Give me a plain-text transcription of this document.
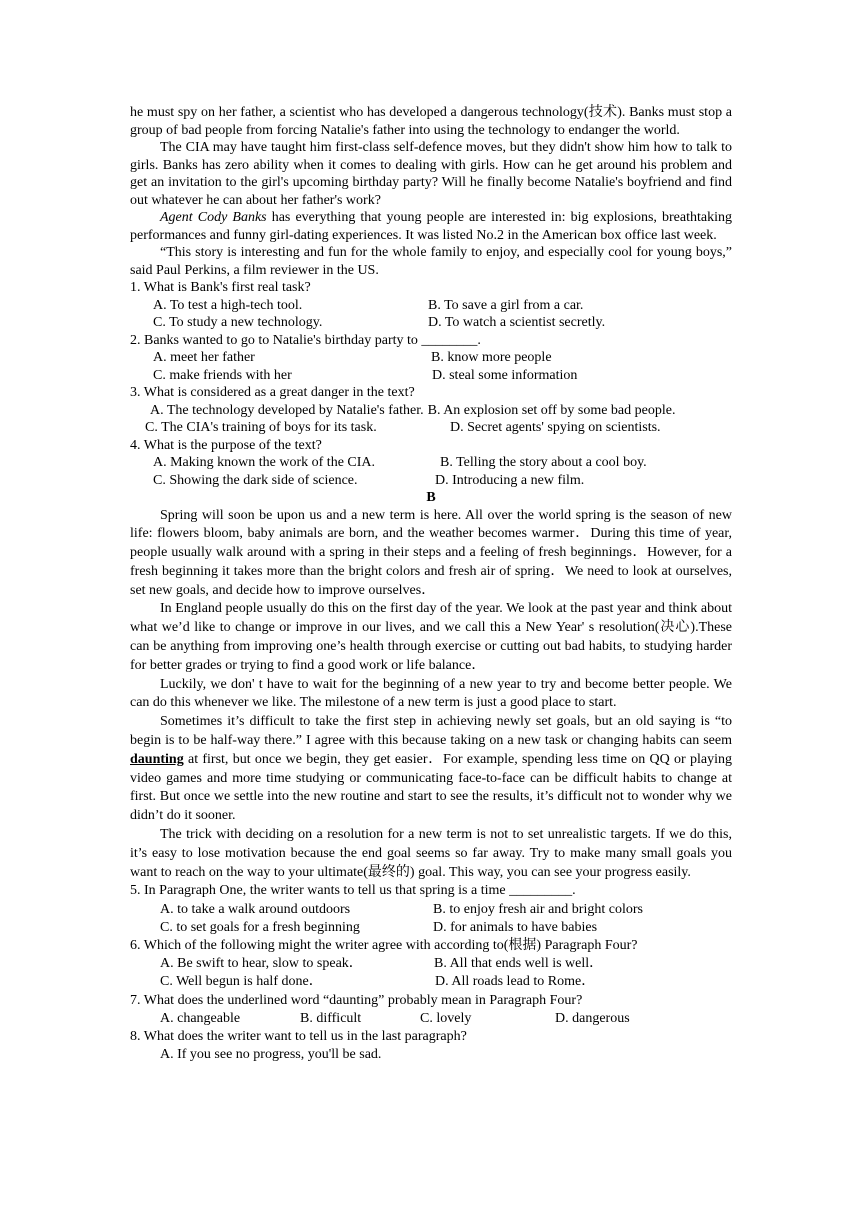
he must spy on her father, a scientist who has developed a dangerous technology(技术). Banks must stop a group of bad people from forcing Natalie's father into using the technology to endanger the world.

The CIA may have taught him first-class self-defence moves, but they didn't show him how to talk to girls. Banks has zero ability when it comes to dealing with girls. How can he get around his problem and get an invitation to the girl's upcoming birthday party? Will he finally become Natalie's boyfriend and find out whatever he can about her father's work?

Agent Cody Banks has everything that young people are interested in: big explosions, breathtaking performances and funny girl-dating experiences. It was listed No.2 in the American box office last week.

“This story is interesting and fun for the whole family to enjoy, and especially cool for young boys,” said Paul Perkins, a film reviewer in the US.

1. What is Bank's first real task?

A. To test a high-tech tool.	B. To save a girl from a car.
C. To study a new technology.	D. To watch a scientist secretly.

2. Banks wanted to go to Natalie's birthday party to ________.

A. meet her father	B. know more people
C. make friends with her	D. steal some information

3. What is considered as a great danger in the text?

A. The technology developed by Natalie's father. B. An explosion set off by some bad people.
C. The CIA's training of boys for its task.	D. Secret agents' spying on scientists.

4. What is the purpose of the text?

A. Making known the work of the CIA.	B. Telling the story about a cool boy.
C. Showing the dark side of science.	D. Introducing a new film.

B

Spring will soon be upon us and a new term is here. All over the world spring is the season of new life: flowers bloom, baby animals are born, and the weather becomes warmer．During this time of year, people usually walk around with a spring in their steps and a feeling of fresh beginnings．However, for a fresh beginning it takes more than the bright colors and fresh air of spring．We need to look at ourselves, set new goals, and decide how to improve ourselves．

In England people usually do this on the first day of the year. We look at the past year and think about what we’d like to change or improve in our lives, and we call this a New Year' s resolution(决心).These can be anything from improving one’s health through exercise or cutting out bad habits, to studying harder for better grades or trying to find a good work or life balance．

Luckily, we don' t have to wait for the beginning of a new year to try and become better people. We can do this whenever we like. The milestone of a new term is just a good place to start.

Sometimes it’s difficult to take the first step in achieving newly set goals, but an old saying is “to begin is to be half-way there.” I agree with this because taking on a new task or changing habits can seem daunting at first, but once we begin, they get easier．For example, spending less time on QQ or playing video games and more time studying or communicating face-to-face can be difficult habits to change at first. But once we settle into the new routine and start to see the results, it’s difficult not to wonder why we didn’t do it sooner.

The trick with deciding on a resolution for a new term is not to set unrealistic targets. If we do this, it’s easy to lose motivation because the end goal seems so far away. Try to make many small goals you want to reach on the way to your ultimate(最终的) goal. This way, you can see your progress easily.

5. In Paragraph One, the writer wants to tell us that spring is a time _________.

A. to take a walk around outdoors	B. to enjoy fresh air and bright colors
C. to set goals for a fresh beginning	D. for animals to have babies

6. Which of the following might the writer agree with according to(根据) Paragraph Four?

A. Be swift to hear, slow to speak．	B. All that ends well is well．
C. Well begun is half done．	D. All roads lead to Rome．

7. What does the underlined word “daunting” probably mean in Paragraph Four?

A. changeable	B. difficult	C. lovely	D. dangerous

8. What does the writer want to tell us in the last paragraph?

A. If you see no progress, you'll be sad.
